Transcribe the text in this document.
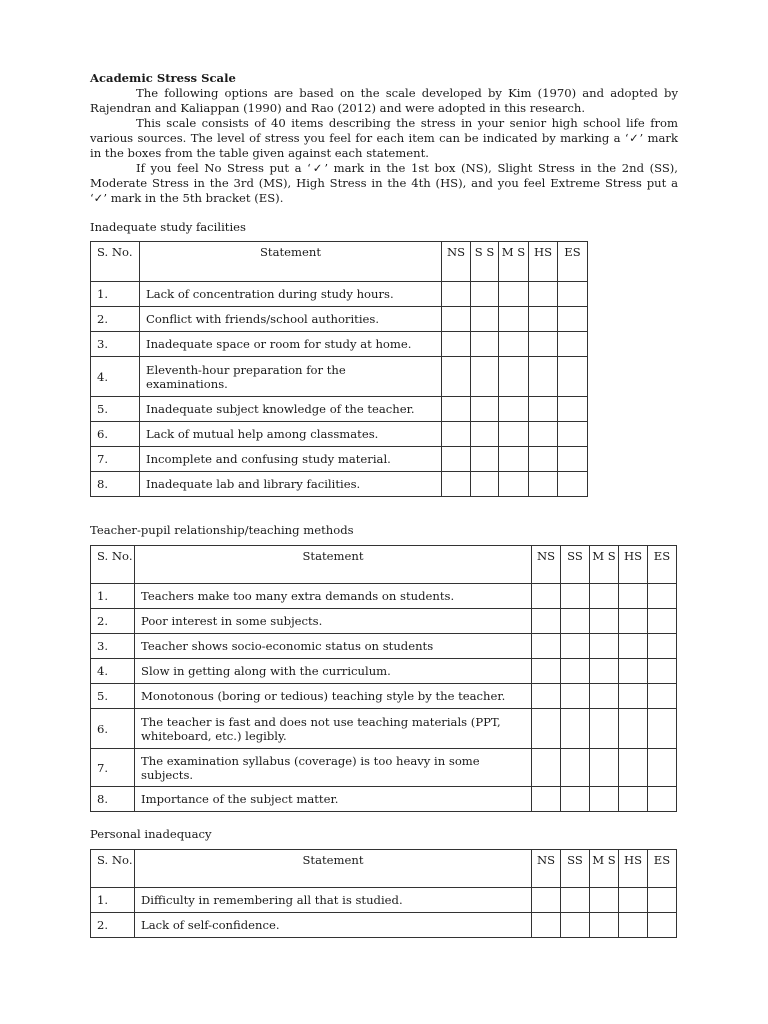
Academic Stress Scale

The following options are based on the scale developed by Kim (1970) and adopted by Rajendran and Kaliappan (1990) and Rao (2012) and were adopted in this research.

This scale consists of 40 items describing the stress in your senior high school life from various sources. The level of stress you feel for each item can be indicated by marking a ‘✓’ mark in the boxes from the table given against each statement.

If you feel No Stress put a ‘✓’ mark in the 1st box (NS), Slight Stress in the 2nd (SS), Moderate Stress in the 3rd (MS), High Stress in the 4th (HS), and you feel Extreme Stress put a ‘✓’ mark in the 5th bracket (ES).

Inadequate study facilities

S. No.	Statement	NS	S S	M S	HS	ES
1.	Lack of concentration during study hours.					
2.	Conflict with friends/school authorities.					
3.	Inadequate space or room for study at home.					
4.	Eleventh-hour preparation for the examinations.					
5.	Inadequate subject knowledge of the teacher.					
6.	Lack of mutual help among classmates.					
7.	Incomplete and confusing study material.					
8.	Inadequate lab and library facilities.					

Teacher-pupil relationship/teaching methods

S. No.	Statement	NS	SS	M S	HS	ES
1.	Teachers make too many extra demands on students.					
2.	Poor interest in some subjects.					
3.	Teacher shows socio-economic status on students					
4.	Slow in getting along with the curriculum.					
5.	Monotonous (boring or tedious) teaching style by the teacher.					
6.	The teacher is fast and does not use teaching materials (PPT, whiteboard, etc.) legibly.					
7.	The examination syllabus (coverage) is too heavy in some subjects.					
8.	Importance of the subject matter.					

Personal inadequacy

S. No.	Statement	NS	SS	M S	HS	ES
1.	Difficulty in remembering all that is studied.					
2.	Lack of self-confidence.					
